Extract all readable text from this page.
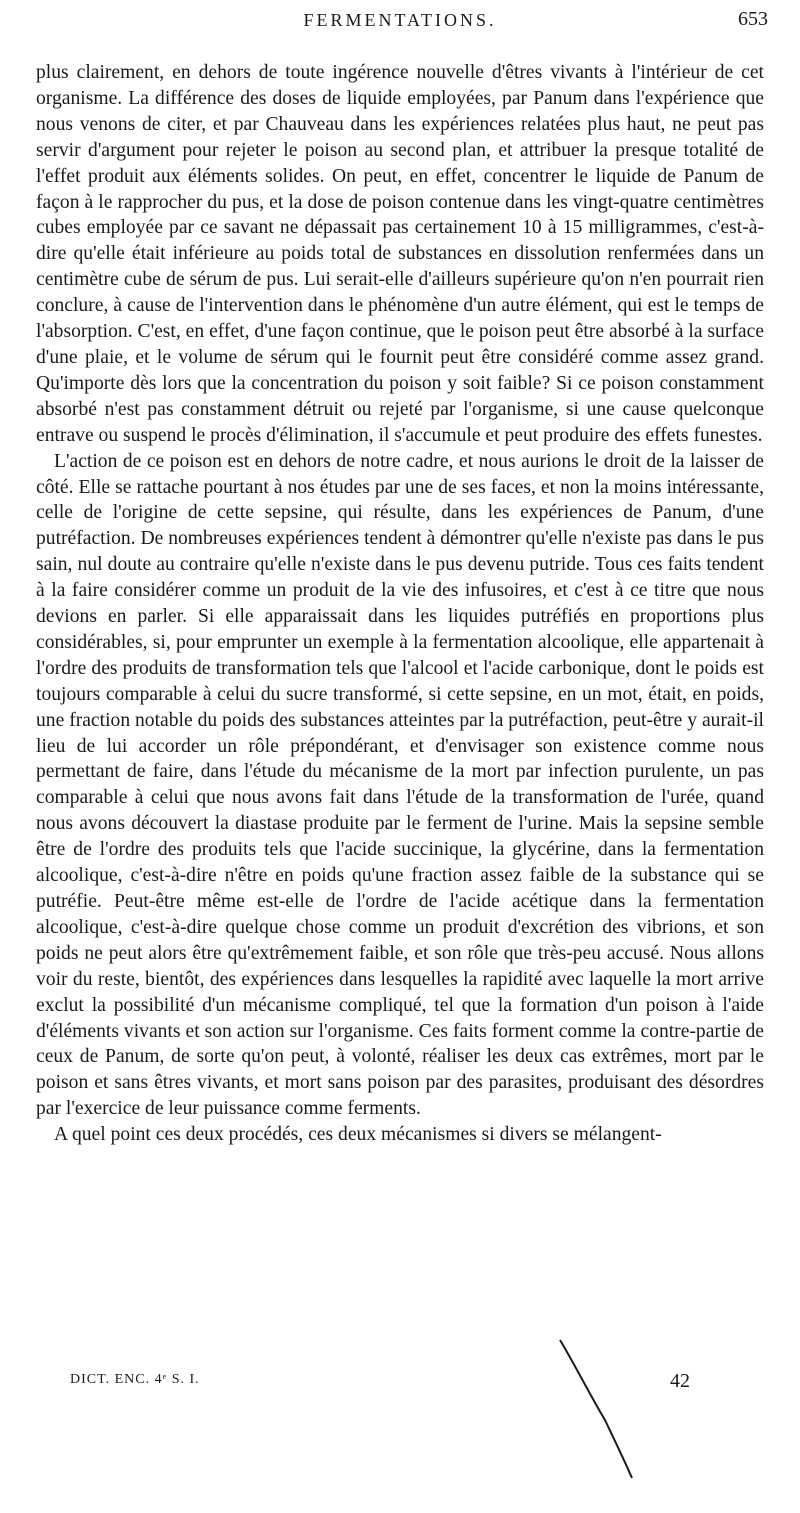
FERMENTATIONS.	653

plus clairement, en dehors de toute ingérence nouvelle d'êtres vivants à l'intérieur de cet organisme. La différence des doses de liquide employées, par Panum dans l'expérience que nous venons de citer, et par Chauveau dans les expériences relatées plus haut, ne peut pas servir d'argument pour rejeter le poison au second plan, et attribuer la presque totalité de l'effet produit aux éléments solides. On peut, en effet, concentrer le liquide de Panum de façon à le rapprocher du pus, et la dose de poison contenue dans les vingt-quatre centimètres cubes employée par ce savant ne dépassait pas certainement 10 à 15 milligrammes, c'est-à-dire qu'elle était inférieure au poids total de substances en dissolution renfermées dans un centimètre cube de sérum de pus. Lui serait-elle d'ailleurs supérieure qu'on n'en pourrait rien conclure, à cause de l'intervention dans le phénomène d'un autre élément, qui est le temps de l'absorption. C'est, en effet, d'une façon continue, que le poison peut être absorbé à la surface d'une plaie, et le volume de sérum qui le fournit peut être considéré comme assez grand. Qu'importe dès lors que la concentration du poison y soit faible? Si ce poison constamment absorbé n'est pas constamment détruit ou rejeté par l'organisme, si une cause quelconque entrave ou suspend le procès d'élimination, il s'accumule et peut produire des effets funestes.

L'action de ce poison est en dehors de notre cadre, et nous aurions le droit de la laisser de côté. Elle se rattache pourtant à nos études par une de ses faces, et non la moins intéressante, celle de l'origine de cette sepsine, qui résulte, dans les expériences de Panum, d'une putréfaction. De nombreuses expériences tendent à démontrer qu'elle n'existe pas dans le pus sain, nul doute au contraire qu'elle n'existe dans le pus devenu putride. Tous ces faits tendent à la faire considérer comme un produit de la vie des infusoires, et c'est à ce titre que nous devions en parler. Si elle apparaissait dans les liquides putréfiés en proportions plus considérables, si, pour emprunter un exemple à la fermentation alcoolique, elle appartenait à l'ordre des produits de transformation tels que l'alcool et l'acide carbonique, dont le poids est toujours comparable à celui du sucre transformé, si cette sepsine, en un mot, était, en poids, une fraction notable du poids des substances atteintes par la putréfaction, peut-être y aurait-il lieu de lui accorder un rôle prépondérant, et d'envisager son existence comme nous permettant de faire, dans l'étude du mécanisme de la mort par infection purulente, un pas comparable à celui que nous avons fait dans l'étude de la transformation de l'urée, quand nous avons découvert la diastase produite par le ferment de l'urine. Mais la sepsine semble être de l'ordre des produits tels que l'acide succinique, la glycérine, dans la fermentation alcoolique, c'est-à-dire n'être en poids qu'une fraction assez faible de la substance qui se putréfie. Peut-être même est-elle de l'ordre de l'acide acétique dans la fermentation alcoolique, c'est-à-dire quelque chose comme un produit d'excrétion des vibrions, et son poids ne peut alors être qu'extrêmement faible, et son rôle que très-peu accusé. Nous allons voir du reste, bientôt, des expériences dans lesquelles la rapidité avec laquelle la mort arrive exclut la possibilité d'un mécanisme compliqué, tel que la formation d'un poison à l'aide d'éléments vivants et son action sur l'organisme. Ces faits forment comme la contre-partie de ceux de Panum, de sorte qu'on peut, à volonté, réaliser les deux cas extrêmes, mort par le poison et sans êtres vivants, et mort sans poison par des parasites, produisant des désordres par l'exercice de leur puissance comme ferments.

A quel point ces deux procédés, ces deux mécanismes si divers se mélangent-

DICT. ENC. 4ᵉ S. I.	42
